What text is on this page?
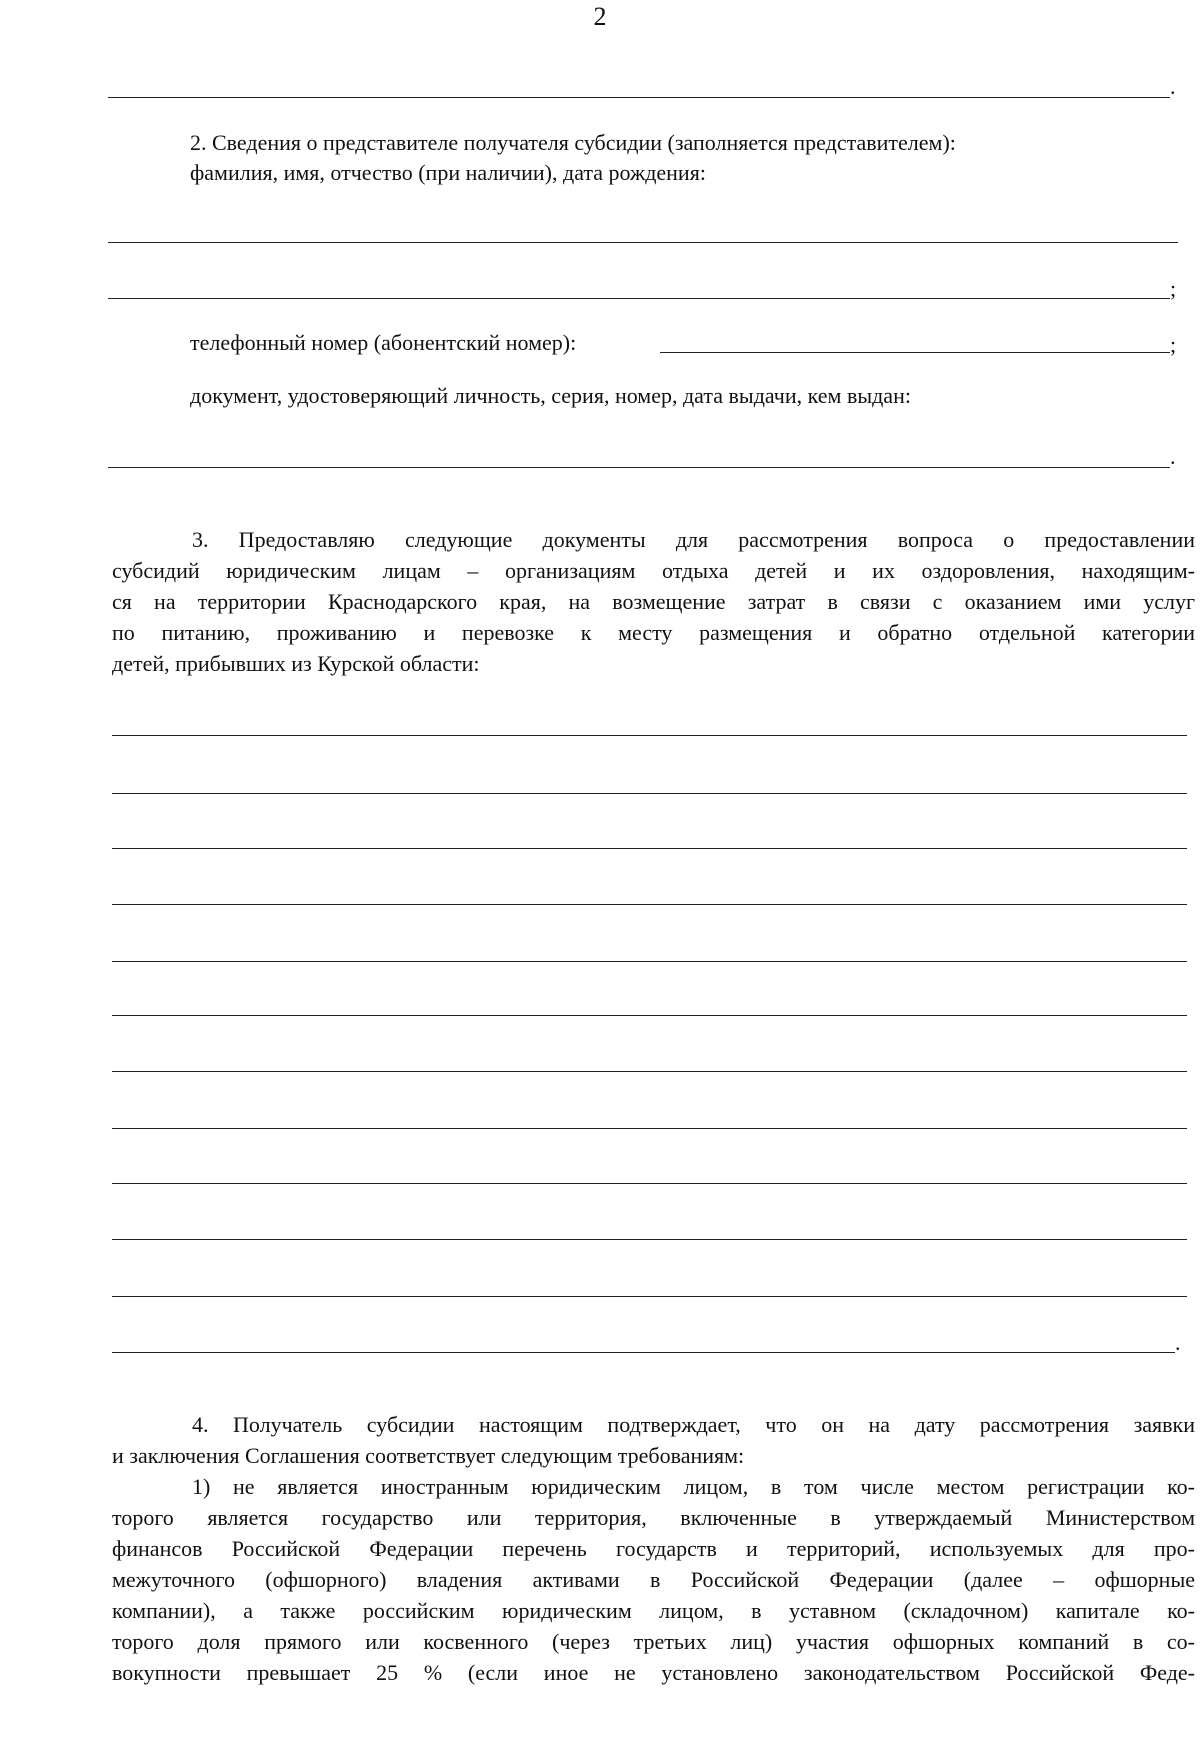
2
.
2. Сведения о представителе получателя субсидии (заполняется представителем):
фамилия, имя, отчество (при наличии), дата рождения:
;
телефонный номер (абонентский номер):	;
документ, удостоверяющий личность, серия, номер, дата выдачи, кем выдан:
.
3. Предоставляю следующие документы для рассмотрения вопроса о предоставлении
субсидий юридическим лицам – организациям отдыха детей и их оздоровления, находящим-
ся на территории Краснодарского края, на возмещение затрат в связи с оказанием ими услуг
по питанию, проживанию и перевозке к месту размещения и обратно отдельной категории
детей, прибывших из Курской области:
.
4. Получатель субсидии настоящим подтверждает, что он на дату рассмотрения заявки
и заключения Соглашения соответствует следующим требованиям:
1) не является иностранным юридическим лицом, в том числе местом регистрации ко-
торого является государство или территория, включенные в утверждаемый Министерством
финансов Российской Федерации перечень государств и территорий, используемых для про-
межуточного (офшорного) владения активами в Российской Федерации (далее – офшорные
компании), а также российским юридическим лицом, в уставном (складочном) капитале ко-
торого доля прямого или косвенного (через третьих лиц) участия офшорных компаний в со-
вокупности превышает 25 % (если иное не установлено законодательством Российской Феде-
